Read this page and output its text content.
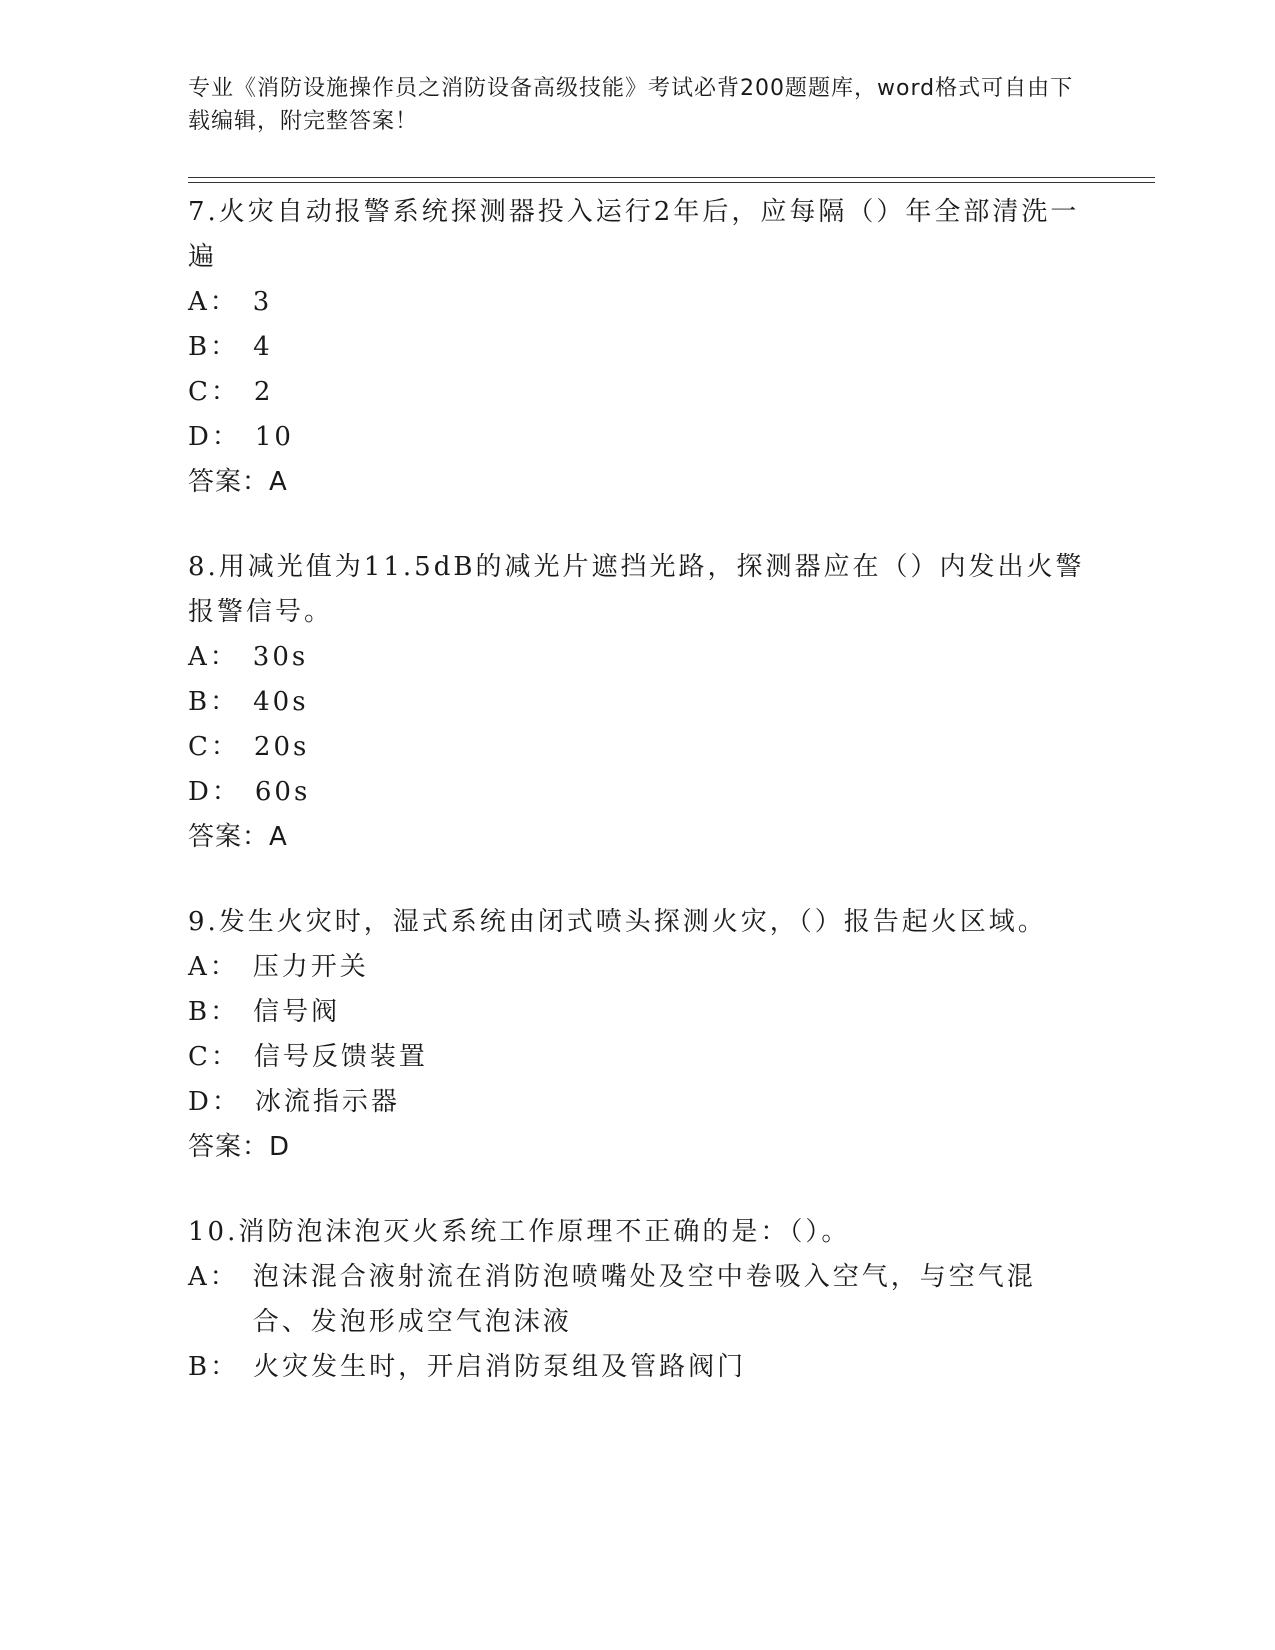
专业《消防设施操作员之消防设备高级技能》考试必背200题题库，word格式可自由下载编辑，附完整答案！
7.火灾自动报警系统探测器投入运行2年后，应每隔（）年全部清洗一遍
A： 3
B： 4
C： 2
D： 10
答案：A
8.用减光值为11.5dB的减光片遮挡光路，探测器应在（）内发出火警报警信号。
A： 30s
B： 40s
C： 20s
D： 60s
答案：A
9.发生火灾时，湿式系统由闭式喷头探测火灾，（）报告起火区域。
A： 压力开关
B： 信号阀
C： 信号反馈装置
D： 冰流指示器
答案：D
10.消防泡沫泡灭火系统工作原理不正确的是：（）。
A： 泡沫混合液射流在消防泡喷嘴处及空中卷吸入空气，与空气混合、发泡形成空气泡沫液
B： 火灾发生时，开启消防泵组及管路阀门
